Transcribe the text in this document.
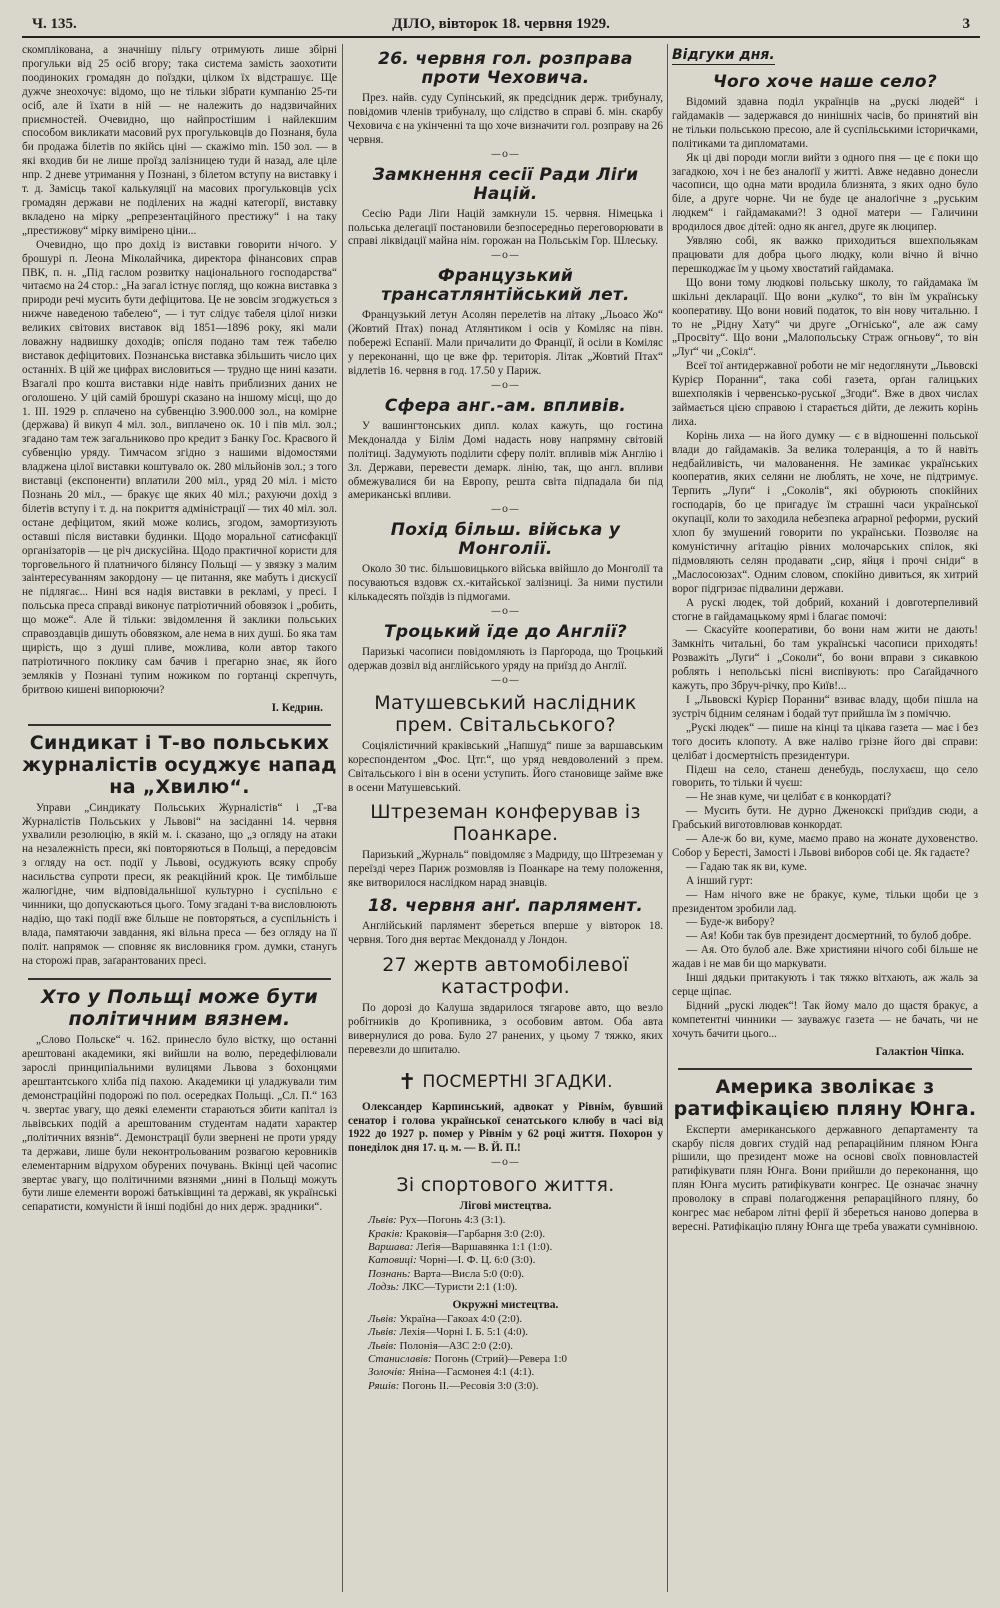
Ч. 135.	ДІЛО, вівторок 18. червня 1929.	3

скомплікована, а значнішу пільгу отримують лише збірні прогульки від 25 осіб вгору; така система замість заохотити поодиноких громадян до поїздки, цілком їх відстрашує. Ще дужче знеохочує: відомо, що не тільки зібрати кумпанію 25-ти осіб, але й їхати в ній — не належить до надзвичайних приємностей. Очевидно, що найпростішим і найлекшим способом викликати масовий рух прогульковців до Познаня, була би продажа білетів по якійсь ціні — скажімо min. 150 зол. — в які входив би не лише проїзд залізницею туди й назад, але ціле нпр. 2 дневе утримання у Познані, з білетом вступу на виставку і т. д. Замісць такої калькуляції на масових прогульковців усіх громадян держави не поділених на жадні категорії, виставку вкладено на мірку „репрезентаційного престижу“ і на таку „престижову“ мірку вимірено ціни...

Очевидно, що про дохід із виставки говорити нічого. У брошурі п. Леона Міколайчика, директора фінансових справ ПВК, п. н. „Під гаслом розвитку національного господарства“ читаємо на 24 стор.: „На загал істнує погляд, що кожна виставка з природи речі мусить бути дефіцитова. Це не зовсім згоджується з нижче наведеною табелею“, — і тут слідує табеля цілої низки великих світових виставок від 1851—1896 року, які мали ловажну надвишку доходів; опісля подано там теж табелю виставок дефіцитових. Познанська виставка збільшить число цих останніх. В цій же цифрах висловиться — трудно ще нині казати. Взагалі про кошта виставки ніде навіть приблизних даних не оголошено. У цій самій брошурі сказано на іншому місці, що до 1. ІІІ. 1929 р. сплачено на субвенцію 3.900.000 зол., на комірне (держава) й викуп 4 міл. зол., виплачено ок. 10 і пів міл. зол.; згадано там теж загальниково про кредит з Банку Гос. Красвого й субвенцію уряду. Тимчасом згідно з нашими відомостями владжена цілої виставки коштувало ок. 280 мільйонів зол.; з того виставці (експоненти) вплатили 200 міл., уряд 20 міл. і місто Познань 20 міл., — бракує ще яких 40 міл.; рахуючи дохід з білетів вступу і т. д. на покриття адміністрації — тих 40 міл. зол. остане дефіцитом, який може колись, згодом, замортизують оставші після виставки будинки. Щодо моральної сатисфакції організаторів — це річ дискусійна. Щодо практичної користи для торговельного й платничого білянсу Польщі — у звязку з малим заінтересуванням закордону — це питання, яке мабуть і дискусії не підлягає... Нині вся надія виставки в рекламі, у пресі. І польська преса справді виконує патріотичний обовязок і „робить, що може“. Але й тільки: звідомлення й заклики польських справоздавців дишуть обовязком, але нема в них душі. Бо яка там щирість, що з душі пливе, можлива, коли автор такого патріотичного поклику сам бачив і прегарно знає, як його земляків у Познані тупим ножиком по гортанці скрепчуть, бритвою кишені випорюючи?

І. Кедрин.
Синдикат і Т-во польських журналістів осуджує напад на „Хвилю“.

Управи „Синдикату Польських Журналістів“ і „Т-ва Журналістів Польських у Львові“ на засіданні 14. червня ухвалили резолюцію, в якій м. і. сказано, що „з огляду на атаки на незалежність преси, які повторяються в Польщі, а передовсім з огляду на ост. події у Львові, осуджують всяку спробу насильства супроти преси, як реакційний крок. Це тимбільше жалюгідне, чим відповідальнішої культурно і суспільно є чинники, що допускаються цього. Тому згадані т-ва висловлюють надію, що такі події вже більше не повторяться, а суспільність і влада, памятаючи завдання, які вільна преса — без огляду на її політ. напрямок — сповняє як висловникя гром. думки, станугь на сторожі прав, заґарантованих пресі.

Хто у Польщі може бути політичним вязнем.

„Слово Польске“ ч. 162. принесло було вістку, що останні арештовані академики, які вийшли на волю, передефілювали зарослі принципіальними вулицями Львова з бохонцями арештантського хліба під пахою. Академики ці уладжували тим демонстраційні подорожі по пол. осередках Польщі. „Сл. П.“ 163 ч. звертає увагу, що деякі елементи стараються збити капітал із львівських подій а арештованим студентам надати характер „політичних вязнів“. Демонстрації були звернені не проти уряду та держави, лише були неконтрольованим розвагою керовників елементарним відрухом обурених почувань. Вкінці цей часопис звертає увагу, що політичними вязнями „нині в Польщі можуть бути лише елементи ворожі батьківщині та державі, як українські сепаратисти, комуністи й інші подібні до них держ. зрадники“.

26. червня гол. розправа проти Чеховича.

През. найв. суду Супінський, як предсідник держ. трибуналу, повідомив членів трибуналу, що слідство в справі б. мін. скарбу Чеховича є на укінченні та що хоче визначити гол. розправу на 26 червня.

—o—
Замкнення сесії Ради Ліґи Націй.

Сесію Ради Ліґи Націй замкнули 15. червня. Німецька і польська делегації постановили безпосередньо переговорювати в справі ліквідації майна нім. горожан на Польськім Гор. Шлеську.

—o—
Французький трансатлянтійський лет.

Французький летун Асолян перелетів на літаку „Льоасо Жо“ (Жовтий Птах) понад Атлянтиком і осів у Коміляс на півн. побережі Еспанії. Мали причалити до Франції, й осіли в Коміляс у переконанні, що це вже фр. територія. Літак „Жовтий Птах“ відлетів 16. червня в год. 17.50 у Париж.

—o—
Сфера анг.-ам. впливів.

У вашингтонських дипл. колах кажуть, що гостина Мекдоналда у Білім Домі надасть нову напрямну світовій політиці. Задумують поділити сферу політ. впливів між Англію і Зл. Держави, перевести демарк. лінію, так, що англ. впливи обмежувалися би на Европу, решта світа підпадала би під американські впливи.

—o—
Похід більш. війська у Монголії.

Около 30 тис. більшовицького війська ввійшло до Монголії та посуваються вздовж сх.-китайської залізниці. За ними пустили кількадесять поїздів із підмогами.

—o—
Троцький їде до Англії?

Паризькі часописи повідомляють із Парґорода, що Троцький одержав дозвіл від англійського уряду на приїзд до Англії.

—o—
Матушевський наслідник прем. Світальського?

Соціялістичний краківський „Напшуд“ пише за варшавським кореспондентом „Фос. Цтг.“, що уряд невдоволений з прем. Світальського і він в осени уступить. Його становище займе вже в осени Матушевський.

Штреземан конферував із Поанкаре.

Паризький „Журналь“ повідомляє з Мадриду, що Штреземан у переїзді через Париж розмовляв із Поанкаре на тему положення, яке витворилося наслідком нарад знавців.

18. червня анґ. парлямент.

Англійський парлямент збереться вперше у вівторок 18. червня. Того дня вертає Мекдоналд у Лондон.

27 жертв автомобілевої катастрофи.

По дорозі до Калуша звдарилося тягарове авто, що везло робітників до Кропивника, з особовим автом. Оба авта вивернулися до рова. Було 27 ранених, у цьому 7 тяжко, яких перевезли до шпиталю.

✝ ПОСМЕРТНІ ЗГАДКИ.

Олександер Карпинський, адвокат у Рівнім, бувший сенатор і голова української сенатського клюбу в часі від 1922 до 1927 р. помер у Рівнім у 62 році життя. Похорон у понеділок дня 17. ц. м. — В. Й. П.!

—o—
Зі спортового життя.
Лігові мистецтва.
Львів: Рух—Погонь 4:3 (3:1).
Краків: Краковія—Гарбарня 3:0 (2:0).
Варшава: Леґія—Варшавянка 1:1 (1:0).
Катовиці: Чорні—І. Ф. Ц. 6:0 (3:0).
Познань: Варта—Висла 5:0 (0:0).
Лодзь: ЛКС—Туристи 2:1 (1:0).
Окружні мистецтва.
Львів: Україна—Гакоах 4:0 (2:0).
Львів: Лехія—Чорні І. Б. 5:1 (4:0).
Львів: Полонія—АЗС 2:0 (2:0).
Станиславів: Погонь (Стрий)—Ревера 1:0
Золочів: Яніна—Гасмонея 4:1 (4:1).
Ряшів: Погонь ІІ.—Ресовія 3:0 (3:0).
Відгуки дня.
Чого хоче наше село?

Відомий здавна поділ українців на „рускі людей“ і гайдамаків — задержався до нинішніх часів, бо принятий він не тільки польською пресою, але й суспільськими історичками, політиками та дипломатами.

Як ці дві породи могли вийти з одного пня — це є поки що загадкою, хоч і не без аналоґії у житті. Авже недавно донесли часописи, що одна мати вродила близнята, з яких одно було біле, а друге чорне. Чи не буде це аналоґічне з „руським людкем“ і гайдамаками?! З одної матери — Галичини вродилося двоє дітей: одно як ангел, друге як люципер.

Уявляю собі, як важко приходиться вшехпольякам працювати для добра цього людку, коли вічно й вічно перешкоджає їм у цьому хвостатий гайдамака.

Що вони тому людкові польську школу, то гайдамака їм шкільні декларації. Що вони „кулко“, то він їм українську кооперативу. Що вони новий податок, то він нову читальню. І то не „Рідну Хату“ чи друге „Огнісько“, але аж саму „Просвіту“. Що вони „Малопольську Страж огньову“, то він „Луґ“ чи „Сокіл“.

Всеї тої антидержавної роботи не міг недоглянути „Львовскі Курієр Поранни“, така собі газета, орґан галицьких вшехполяків і червенсько-руської „Згоди“. Вже в двох числах займається цією справою і старається дійти, де лежить корінь лиха.

Корінь лиха — на його думку — є в відношенні польської влади до гайдамаків. За велика толеранція, а то й навіть недбайливість, чи малованення. Не замикає українських кооператив, яких селяни не люблять, не хоче, не підтримує. Терпить „Луґи“ і „Соколів“, які обурюють спокійних господарів, бо це пригадує їм страшні часи української окупації, коли то заходила небезпека аґрарної реформи, руский хлоп бу змушений говорити по українськи. Позволяє на комуністичну агітацію рівних молочарських спілок, які підмовляють селян продавати „сир, яйця і прочі сніди“ в „Маслосоюзах“. Одним словом, спокійно дивиться, як хитрий ворог підгризає підвалини держави.

А рускі людек, той добрий, коханий і довготерпеливий стогне в гайдамацькому ярмі і благає помочі:

— Скасуйте кооперативи, бо вони нам жити не дають! Замкніть читальні, бо там українські часописи приходять! Розважіть „Луги“ і „Соколи“, бо вони вправи з сикавкою роблять і непольські пісні виспівують: про Саґайдачного кажуть, про Збруч-річку, про Київ!...

І „Львовскі Курієр Поранни“ взиває владу, щоби пішла на зустріч бідним селянам і бодай тут прийшла їм з поміччю.

„Рускі людек“ — пише на кінці та цікава газета — має і без того досить клопоту. А вже наліво грізне його дві справи: целібат і досмертність президентури.

Підеш на село, станеш денебудь, послухаєш, що село говорить, то тільки й чуєш:

— Не знав куме, чи целібат є в конкордаті?

— Мусить бути. Не дурно Дженокскі приїздив сюди, а Грабський виготовлював конкордат.

— Але-ж бо ви, куме, маємо право на жонате духовенство. Собор у Бересті, Замості і Львові виборов собі це. Як гадаєте?

— Гадаю так як ви, куме.

А інший гурт:

— Нам нічого вже не бракує, куме, тільки щоби це з президентом зробили лад.

— Буде-ж вибору?

— Ая! Коби так був президент досмертний, то булоб добре.

— Ая. Ото булоб але. Вже християни нічого собі більше не жадав і не мав би що маркувати.

Інші дядьки притакують і так тяжко вітхають, аж жаль за серце щіпає.

Бідний „рускі людек“! Так йому мало до щастя бракує, а компетентні чинники — зауважує газета — не бачать, чи не хочуть бачити цього...

Галактіон Чіпка.
Америка зволікає з ратифікацією пляну Юнга.

Експерти американського державного департаменту та скарбу після довгих студій над репараційним пляном Юнга рішили, що президент може на основі своїх повновластей ратифікувати плян Юнга. Вони прийшли до переконання, що плян Юнга мусить ратифікувати конгрес. Це означає значну проволоку в справі полагодження репараційного пляну, бо конгрес має небаром літні ферії й збереться наново доперва в вересні. Ратифікацію пляну Юнга ще треба уважати сумнівною.
